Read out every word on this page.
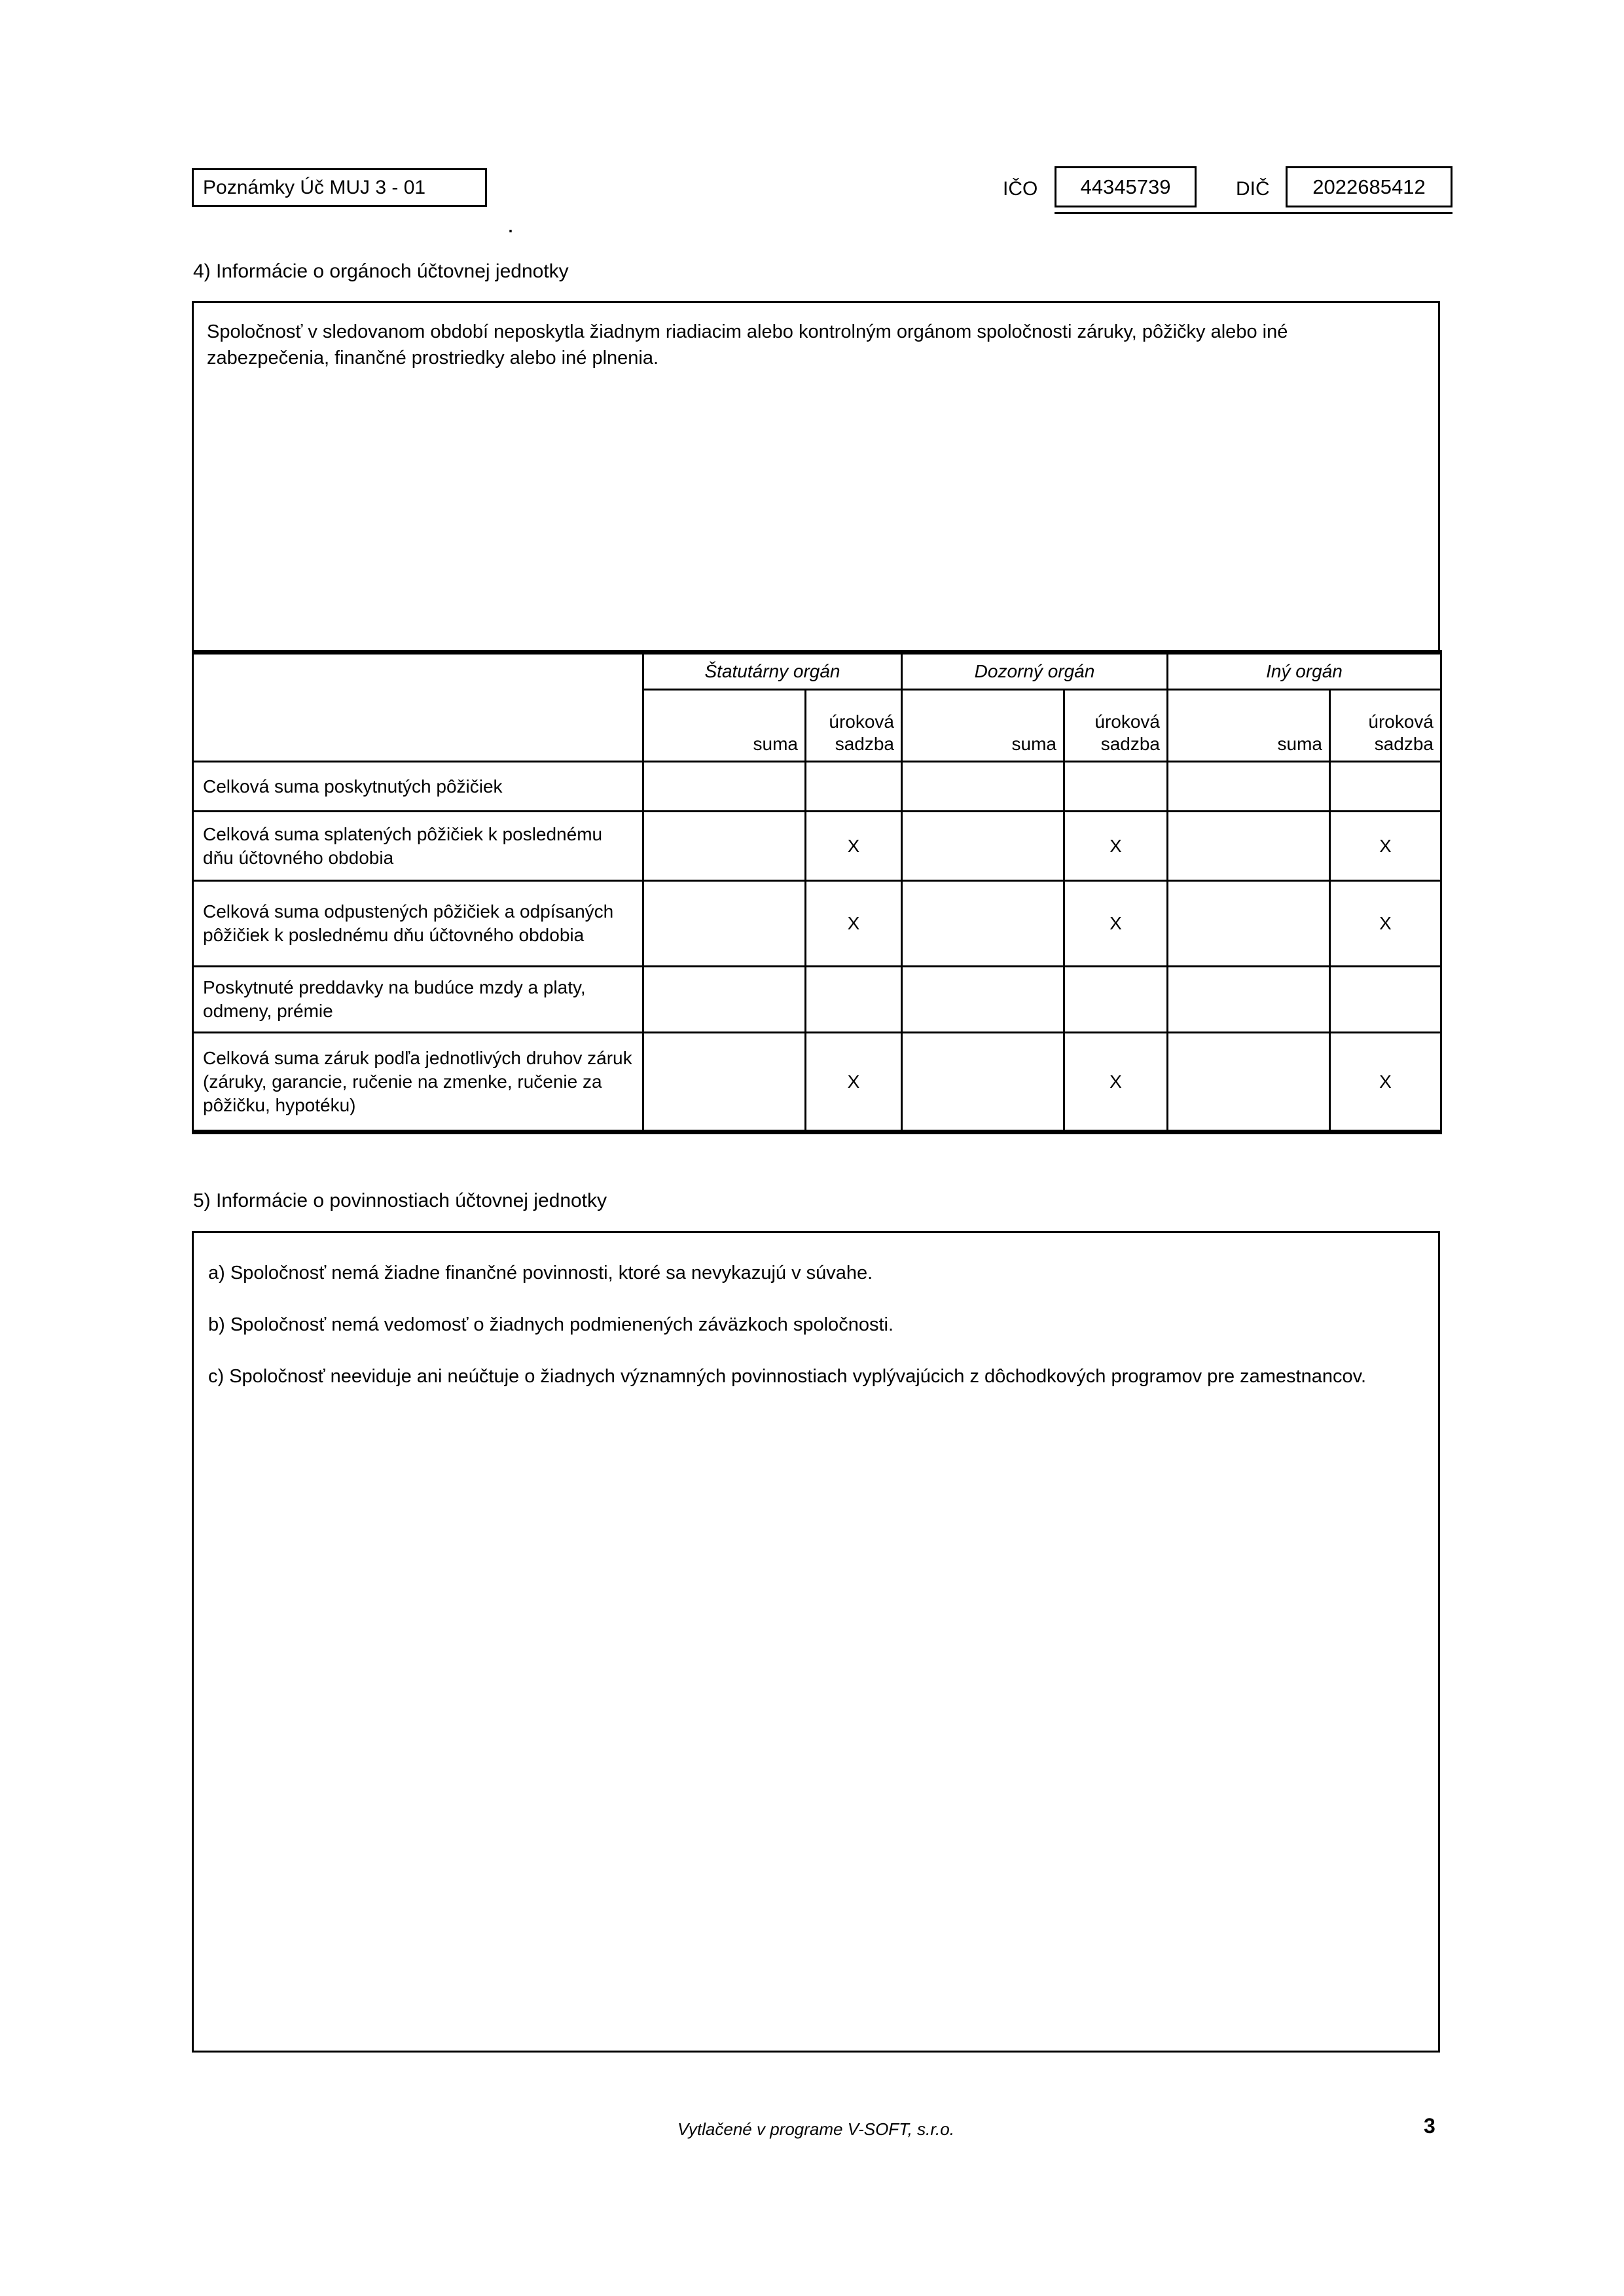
Poznámky Úč MUJ 3 - 01	IČO 44345739	DIČ 2022685412
.
4) Informácie o orgánoch účtovnej jednotky
Spoločnosť v sledovanom období neposkytla žiadnym riadiacim alebo kontrolným orgánom spoločnosti záruky, pôžičky alebo iné zabezpečenia, finančné prostriedky alebo iné plnenia.
	Štatutárny orgán		Dozorný orgán		Iný orgán	
	suma	úroková sadzba	suma	úroková sadzba	suma	úroková sadzba
Celková suma poskytnutých pôžičiek						
Celková suma splatených pôžičiek k poslednému dňu účtovného obdobia		X		X		X
Celková suma odpustených pôžičiek a odpísaných pôžičiek k poslednému dňu účtovného obdobia		X		X		X
Poskytnuté preddavky na budúce mzdy a platy, odmeny, prémie						
Celková suma záruk podľa jednotlivých druhov záruk (záruky, garancie, ručenie na zmenke, ručenie za pôžičku, hypotéku)		X		X		X
5) Informácie o povinnostiach účtovnej jednotky

a) Spoločnosť nemá žiadne finančné povinnosti, ktoré sa nevykazujú v súvahe.

b) Spoločnosť nemá vedomosť o žiadnych podmienených záväzkoch spoločnosti.

c) Spoločnosť neeviduje ani neúčtuje o žiadnych významných povinnostiach vyplývajúcich z dôchodkových programov pre zamestnancov.

Vytlačené v programe V-SOFT, s.r.o.	3
